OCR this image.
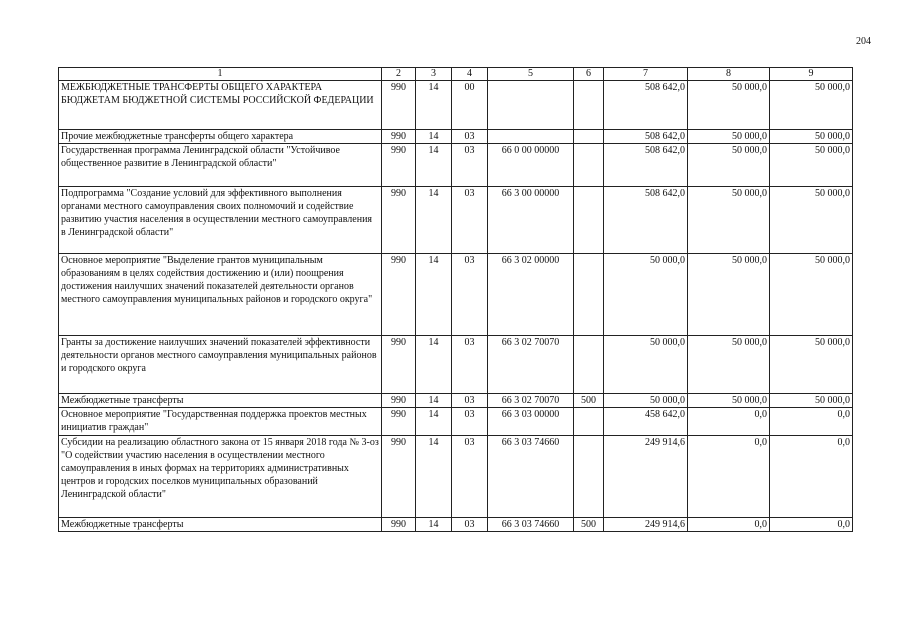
204
1	2	3	4	5	6	7	8	9
МЕЖБЮДЖЕТНЫЕ ТРАНСФЕРТЫ ОБЩЕГО ХАРАКТЕРА БЮДЖЕТАМ БЮДЖЕТНОЙ СИСТЕМЫ РОССИЙСКОЙ ФЕДЕРАЦИИ	990	14	00			508 642,0	50 000,0	50 000,0
Прочие межбюджетные трансферты общего характера	990	14	03			508 642,0	50 000,0	50 000,0
Государственная программа Ленинградской области "Устойчивое общественное развитие в Ленинградской области"	990	14	03	66 0 00 00000		508 642,0	50 000,0	50 000,0
Подпрограмма "Создание условий для эффективного выполнения органами местного самоуправления своих полномочий и содействие развитию участия населения в осуществлении местного самоуправления в Ленинградской области"	990	14	03	66 3 00 00000		508 642,0	50 000,0	50 000,0
Основное мероприятие "Выделение грантов муниципальным образованиям в целях содействия достижению и (или) поощрения достижения наилучших значений показателей деятельности органов местного самоуправления муниципальных районов и городского округа"	990	14	03	66 3 02 00000		50 000,0	50 000,0	50 000,0
Гранты за достижение наилучших значений показателей эффективности деятельности органов местного самоуправления муниципальных районов и городского округа	990	14	03	66 3 02 70070		50 000,0	50 000,0	50 000,0
Межбюджетные трансферты	990	14	03	66 3 02 70070	500	50 000,0	50 000,0	50 000,0
Основное мероприятие "Государственная поддержка проектов местных инициатив граждан"	990	14	03	66 3 03 00000		458 642,0	0,0	0,0
Субсидии на реализацию областного закона от 15 января 2018 года № 3-оз "О содействии участию населения в осуществлении местного самоуправления в иных формах на территориях административных центров и городских поселков муниципальных образований Ленинградской области"	990	14	03	66 3 03 74660		249 914,6	0,0	0,0
Межбюджетные трансферты	990	14	03	66 3 03 74660	500	249 914,6	0,0	0,0
